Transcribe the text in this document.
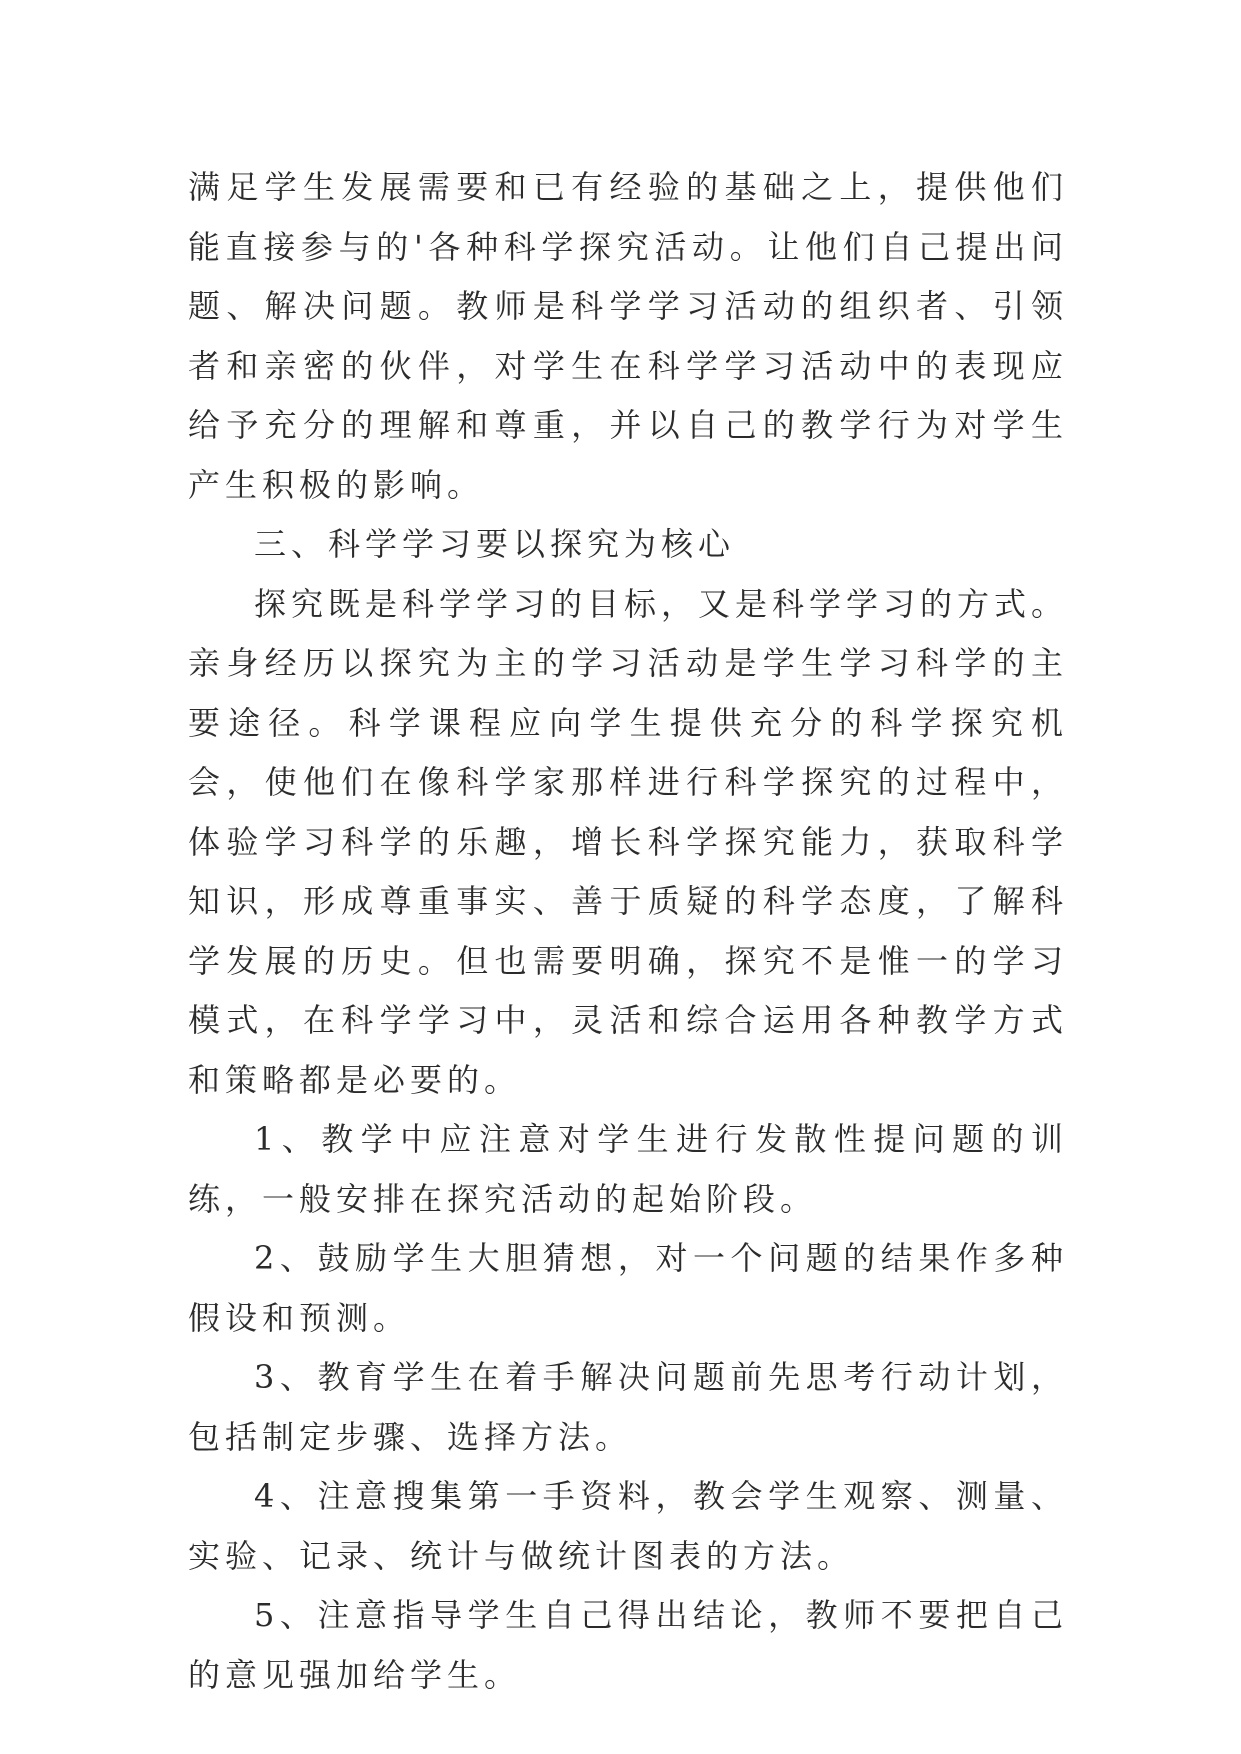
满足学生发展需要和已有经验的基础之上，提供他们能直接参与的'各种科学探究活动。让他们自己提出问题、解决问题。教师是科学学习活动的组织者、引领者和亲密的伙伴，对学生在科学学习活动中的表现应给予充分的理解和尊重，并以自己的教学行为对学生产生积极的影响。

三、科学学习要以探究为核心

探究既是科学学习的目标，又是科学学习的方式。亲身经历以探究为主的学习活动是学生学习科学的主要途径。科学课程应向学生提供充分的科学探究机会，使他们在像科学家那样进行科学探究的过程中，体验学习科学的乐趣，增长科学探究能力，获取科学知识，形成尊重事实、善于质疑的科学态度，了解科学发展的历史。但也需要明确，探究不是惟一的学习模式，在科学学习中，灵活和综合运用各种教学方式和策略都是必要的。

1、教学中应注意对学生进行发散性提问题的训练，一般安排在探究活动的起始阶段。

2、鼓励学生大胆猜想，对一个问题的结果作多种假设和预测。

3、教育学生在着手解决问题前先思考行动计划，包括制定步骤、选择方法。

4、注意搜集第一手资料，教会学生观察、测量、实验、记录、统计与做统计图表的方法。

5、注意指导学生自己得出结论，教师不要把自己的意见强加给学生。
